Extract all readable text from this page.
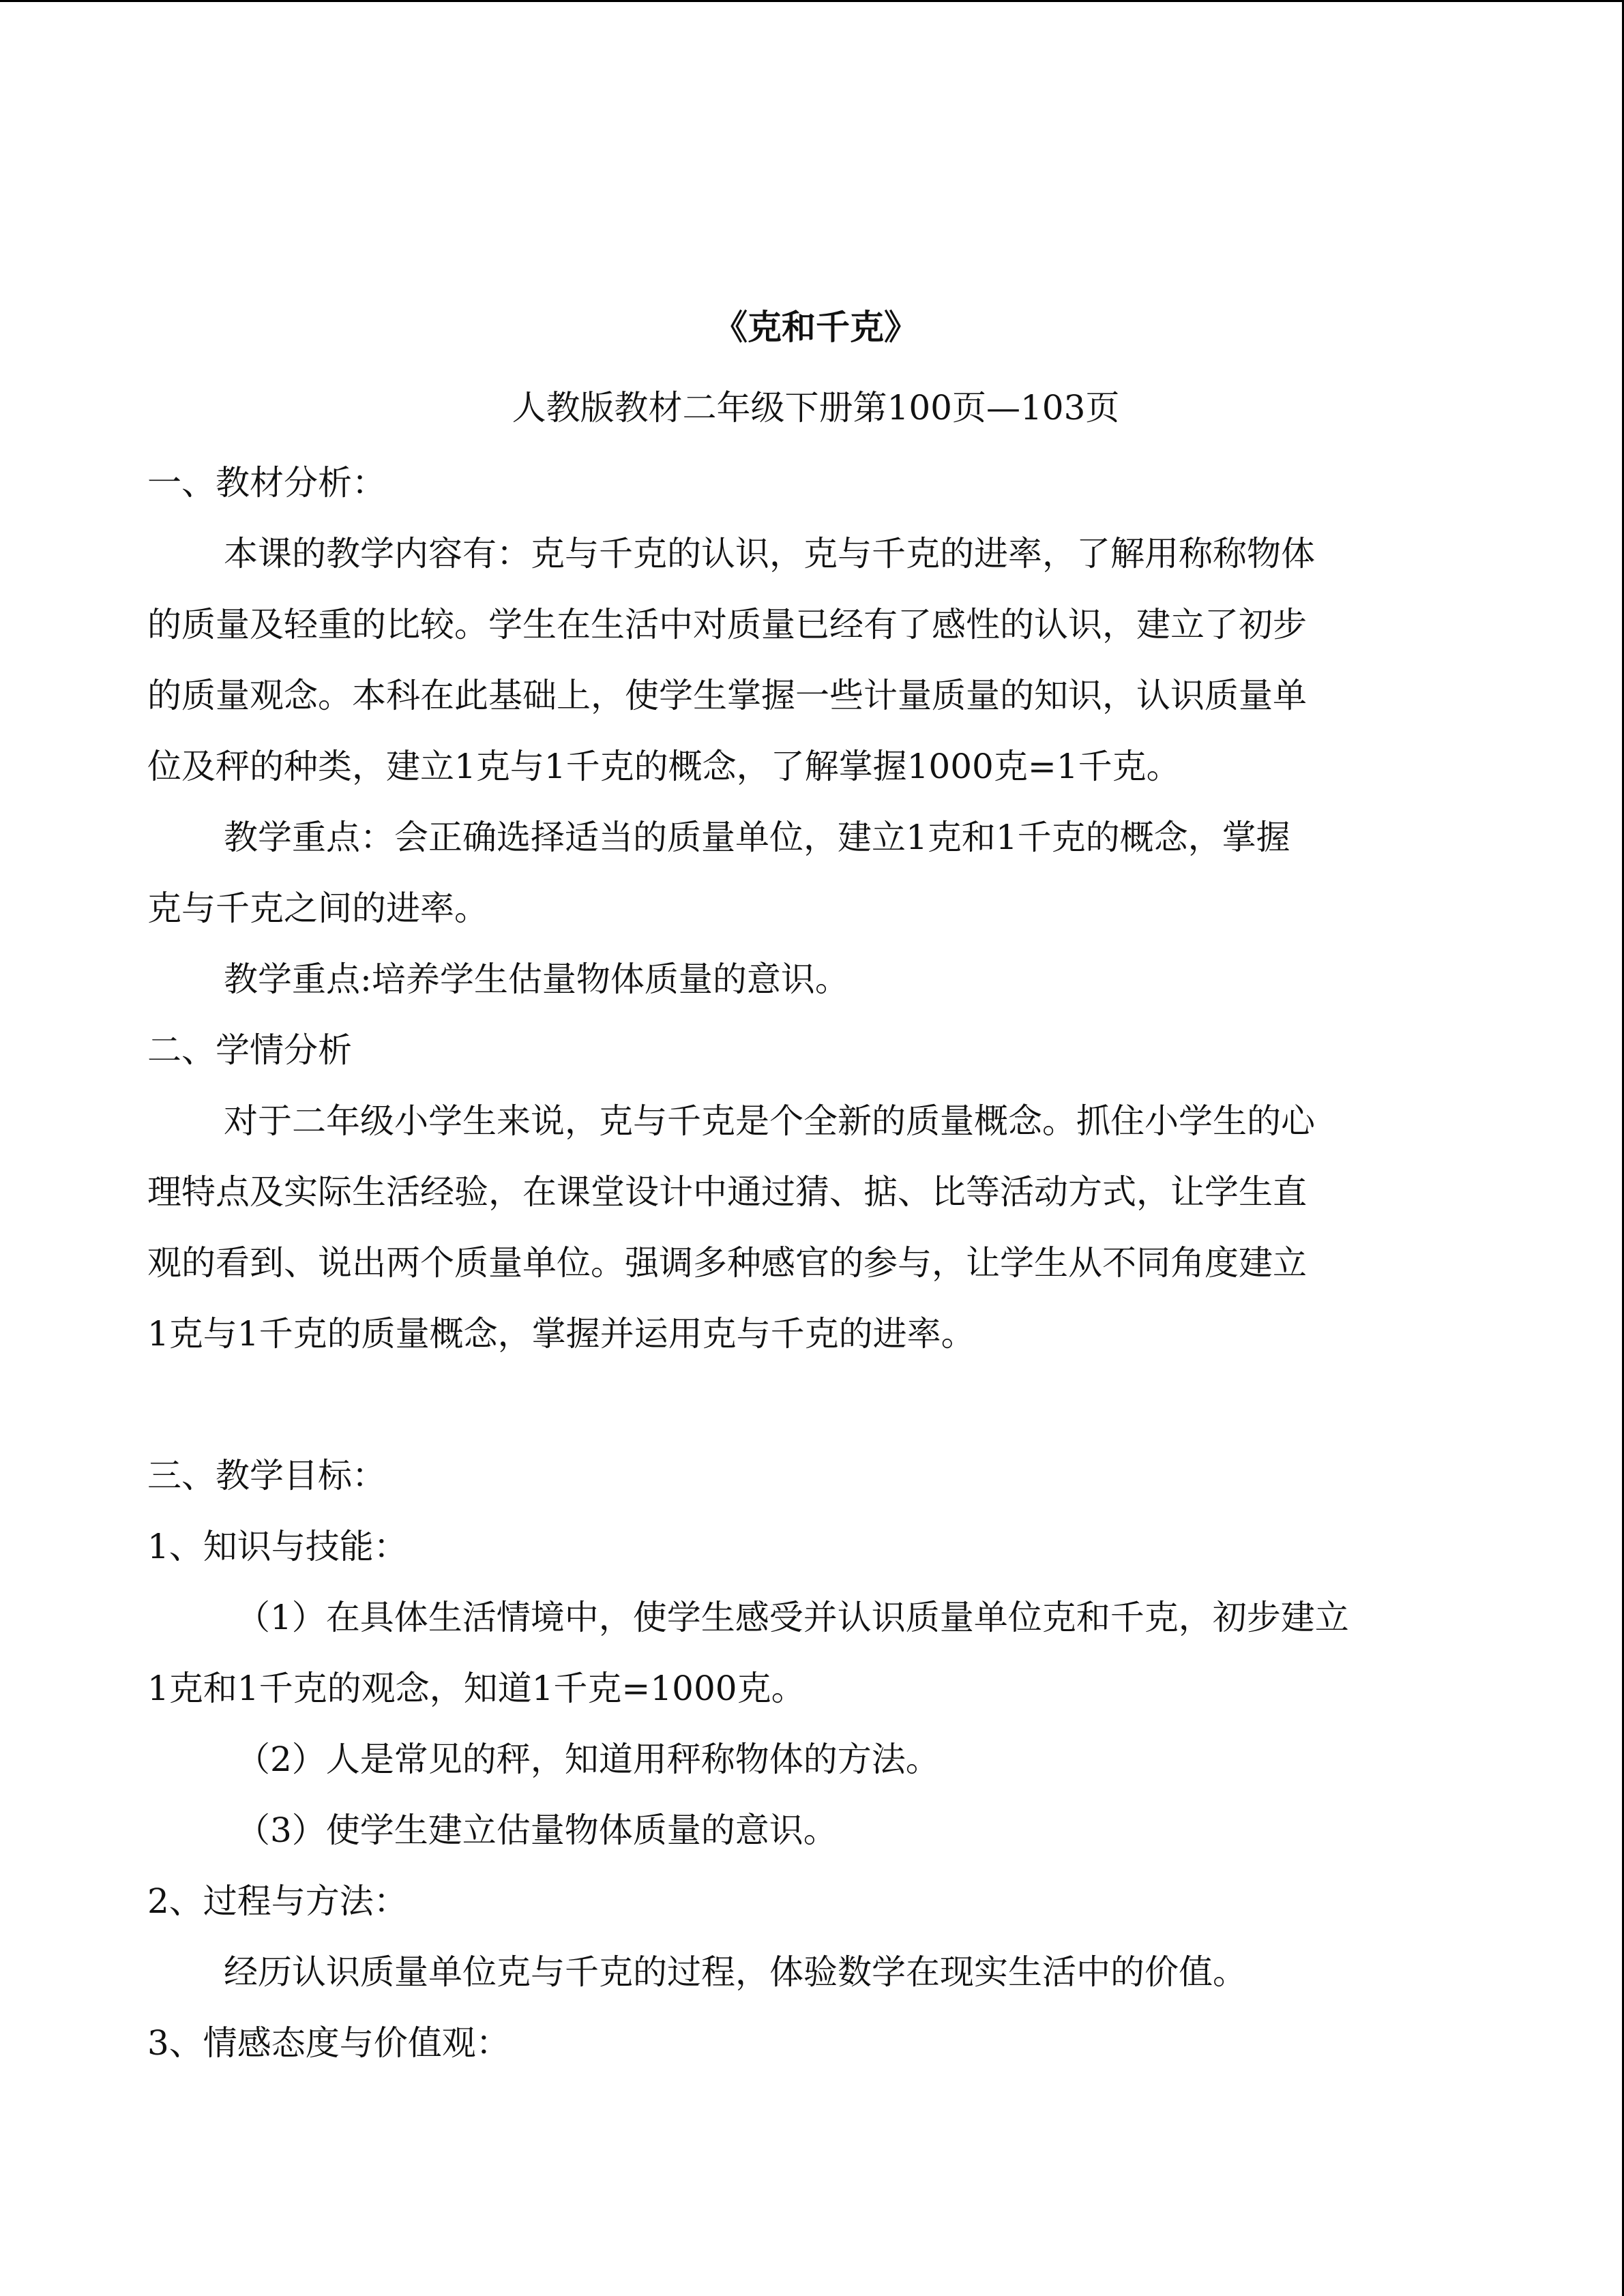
《克和千克》

人教版教材二年级下册第100页—103页

一、教材分析：

本课的教学内容有：克与千克的认识，克与千克的进率，了解用称称物体

的质量及轻重的比较。学生在生活中对质量已经有了感性的认识，建立了初步

的质量观念。本科在此基础上，使学生掌握一些计量质量的知识，认识质量单

位及秤的种类，建立1克与1千克的概念，了解掌握1000克=1千克。

教学重点：会正确选择适当的质量单位，建立1克和1千克的概念，掌握

克与千克之间的进率。

教学重点:培养学生估量物体质量的意识。

二、学情分析

对于二年级小学生来说，克与千克是个全新的质量概念。抓住小学生的心

理特点及实际生活经验，在课堂设计中通过猜、掂、比等活动方式，让学生直

观的看到、说出两个质量单位。强调多种感官的参与，让学生从不同角度建立

1克与1千克的质量概念，掌握并运用克与千克的进率。

三、教学目标：

1、知识与技能：

（1）在具体生活情境中，使学生感受并认识质量单位克和千克，初步建立

1克和1千克的观念，知道1千克=1000克。

（2）人是常见的秤，知道用秤称物体的方法。

（3）使学生建立估量物体质量的意识。

2、过程与方法：

经历认识质量单位克与千克的过程，体验数学在现实生活中的价值。

3、情感态度与价值观：
